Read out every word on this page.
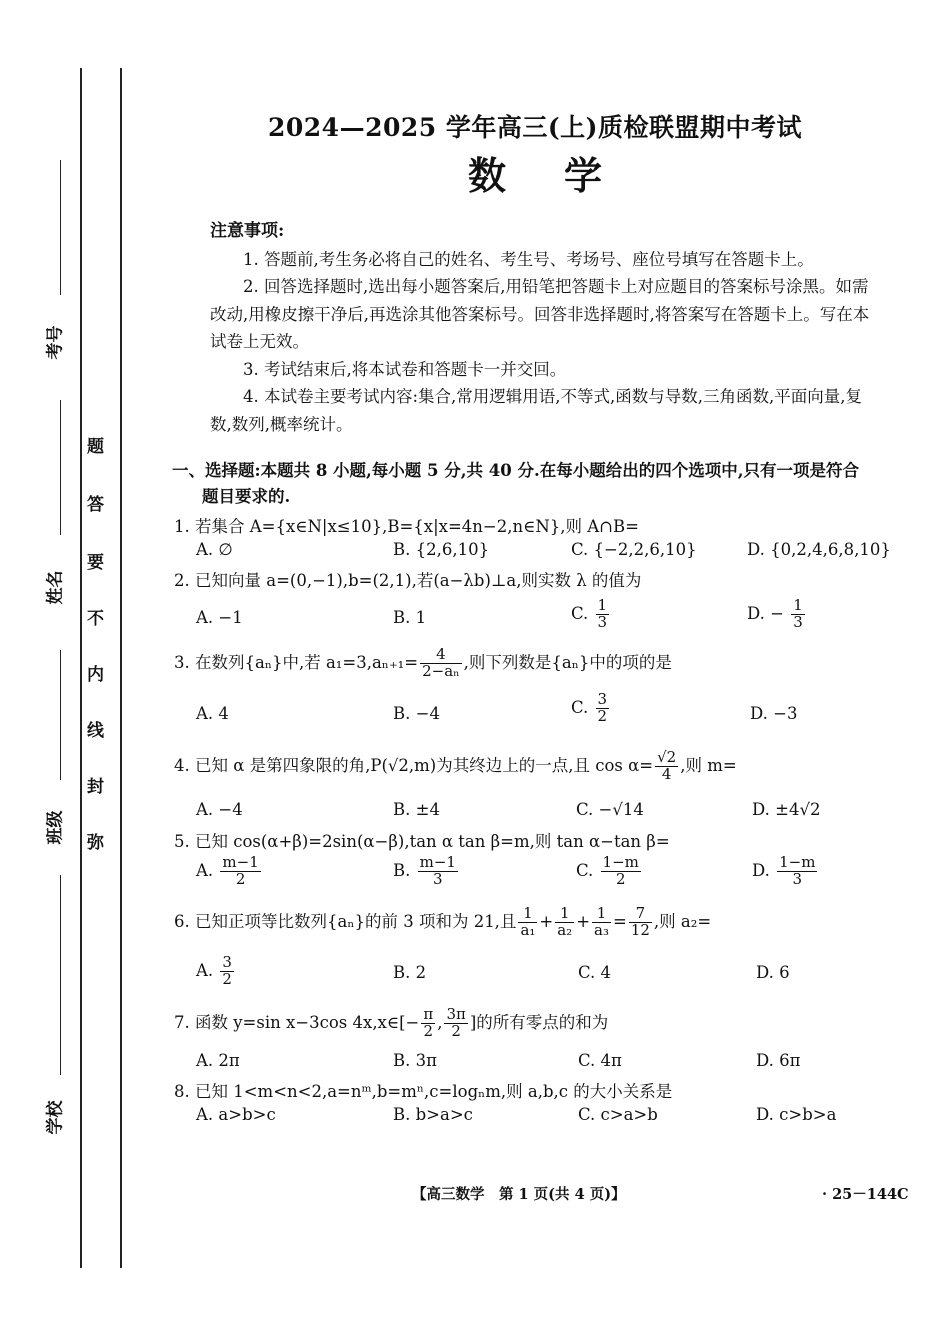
考号
姓名
班级
学校
题
答
要
不
内
线
封
弥
2024—2025 学年高三(上)质检联盟期中考试
数学
注意事项:

1. 答题前,考生务必将自己的姓名、考生号、考场号、座位号填写在答题卡上。

2. 回答选择题时,选出每小题答案后,用铅笔把答题卡上对应题目的答案标号涂黑。如需改动,用橡皮擦干净后,再选涂其他答案标号。回答非选择题时,将答案写在答题卡上。写在本试卷上无效。

3. 考试结束后,将本试卷和答题卡一并交回。

4. 本试卷主要考试内容:集合,常用逻辑用语,不等式,函数与导数,三角函数,平面向量,复数,数列,概率统计。

一、选择题:本题共 8 小题,每小题 5 分,共 40 分.在每小题给出的四个选项中,只有一项是符合
题目要求的.
1. 若集合 A={x∈N|x≤10},B={x|x=4n−2,n∈N},则 A∩B=
A. ∅	B. {2,6,10}	C. {−2,2,6,10}	D. {0,2,4,6,8,10}
2. 已知向量 a=(0,−1),b=(2,1),若(a−λb)⊥a,则实数 λ 的值为
A. −1	B. 1	C. $\frac{1}{3}$	D. − $\frac{1}{3}$
3. 在数列{aₙ}中,若 $a_1=3,a_{n+1}= \frac{4}{\text{2−aₙ}}$ ,则下列数是{aₙ}中的项的是
A. 4	B. −4	C. $\frac{3}{2}$	D. −3
4. 已知 α 是第四象限的角,P(√2,m)为其终边上的一点,且 $\cos \alpha= \frac{√2}{4}$ ,则 m=
A. −4	B. ±4	C. −√14	D. ±4√2
5. 已知 cos(α+β)=2sin(α−β),tan α tan β=m,则 tan α−tan β=
A. $\frac{m-1}{2}$	B. $\frac{m-1}{3}$	C. $\frac{1-m}{2}$	D. $\frac{1-m}{3}$
6. 已知正项等比数列{aₙ}的前 3 项和为 21,且 $\frac{1}{\text{a₁}} + \frac{1}{\text{a₂}} + \frac{1}{\text{a₃}} = \frac{7}{12}$ ,则 a₂=
A. $\frac{3}{2}$	B. 2	C. 4	D. 6
7. 函数 y=sin x−3cos 4x,x∈[− $\frac{\pi}{2}$ , $\frac{3\pi}{2}$ ]的所有零点的和为
A. 2π	B. 3π	C. 4π	D. 6π
8. 已知 1<m<n<2,a=nᵐ,b=mⁿ,c=logₙm,则 a,b,c 的大小关系是
A. a>b>c	B. b>a>c	C. c>a>b	D. c>b>a
【高三数学　第 1 页(共 4 页)】	· 25－144C
